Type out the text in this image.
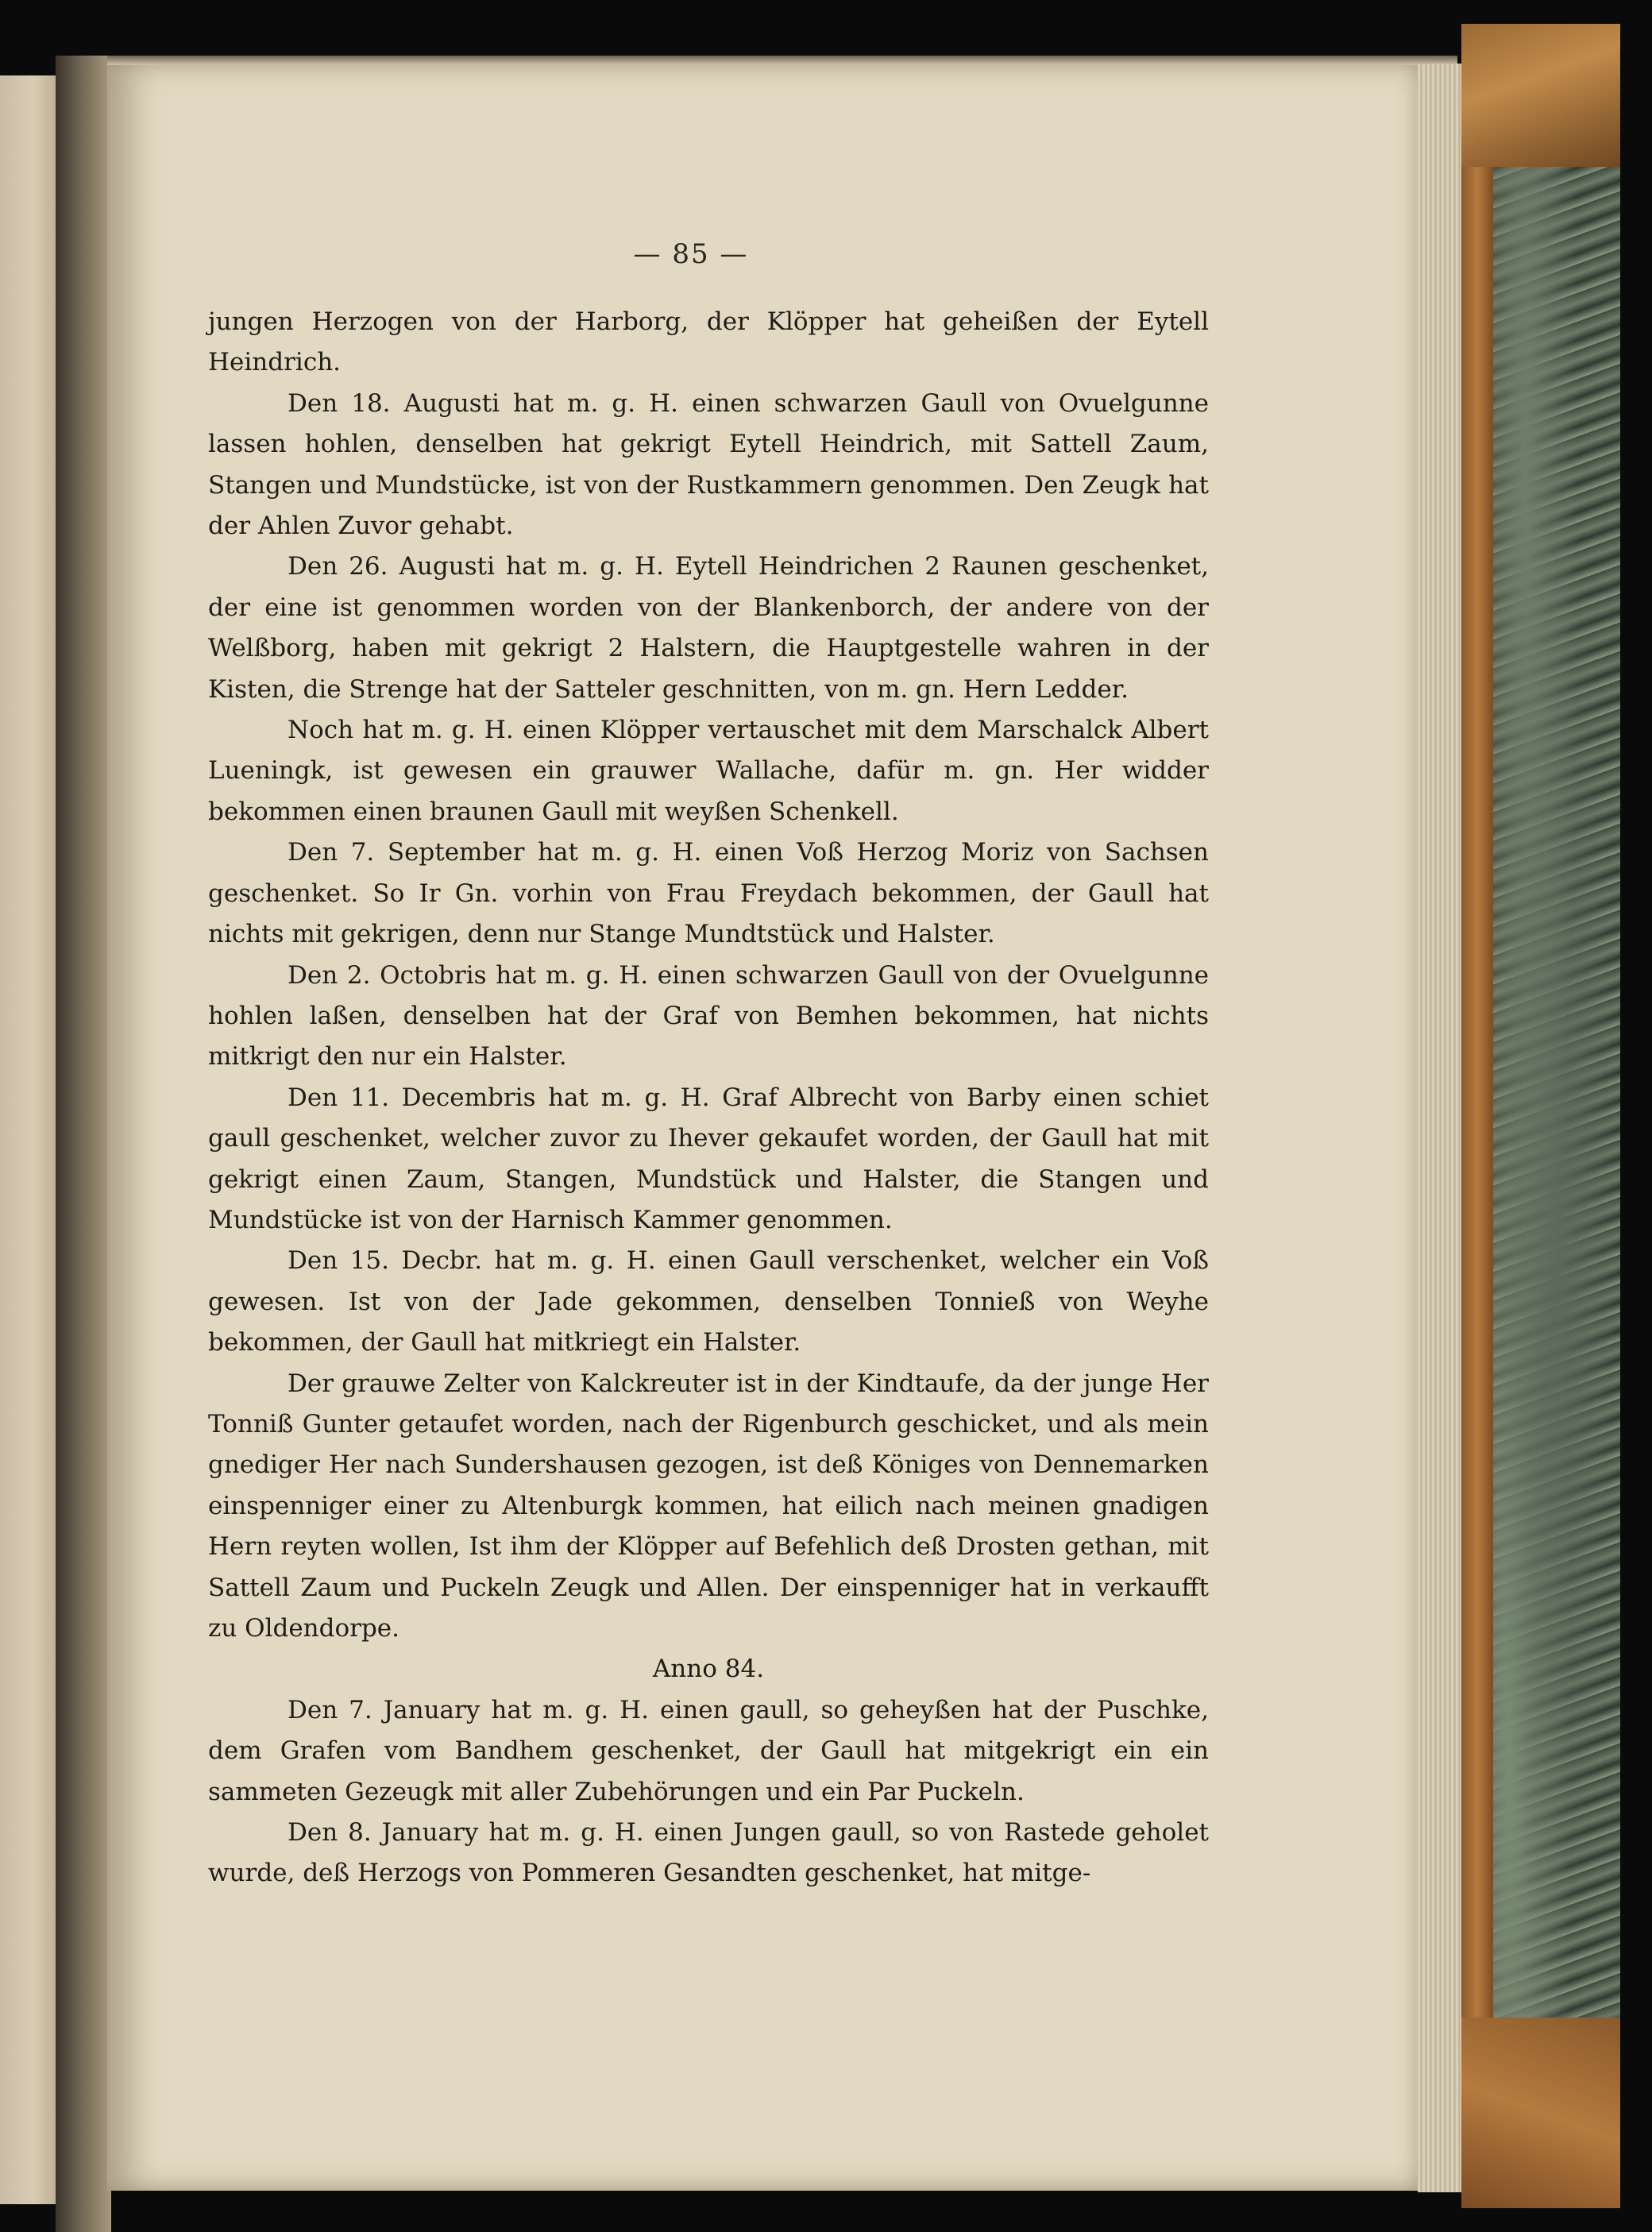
— 85 —

jungen Herzogen von der Harborg, der Klöpper hat geheißen der Eytell Heindrich.

Den 18. Augusti hat m. g. H. einen schwarzen Gaull von Ovuelgunne lassen hohlen, denselben hat gekrigt Eytell Heindrich, mit Sattell Zaum, Stangen und Mundstücke, ist von der Rustkammern genommen. Den Zeugk hat der Ahlen Zuvor gehabt.

Den 26. Augusti hat m. g. H. Eytell Heindrichen 2 Raunen geschenket, der eine ist genommen worden von der Blankenborch, der andere von der Welßborg, haben mit gekrigt 2 Halstern, die Hauptgestelle wahren in der Kisten, die Strenge hat der Satteler geschnitten, von m. gn. Hern Ledder.

Noch hat m. g. H. einen Klöpper vertauschet mit dem Marschalck Albert Lueningk, ist gewesen ein grauwer Wallache, dafür m. gn. Her widder bekommen einen braunen Gaull mit weyßen Schenkell.

Den 7. September hat m. g. H. einen Voß Herzog Moriz von Sachsen geschenket. So Ir Gn. vorhin von Frau Freydach bekommen, der Gaull hat nichts mit gekrigen, denn nur Stange Mundtstück und Halster.

Den 2. Octobris hat m. g. H. einen schwarzen Gaull von der Ovuelgunne hohlen laßen, denselben hat der Graf von Bemhen bekommen, hat nichts mitkrigt den nur ein Halster.

Den 11. Decembris hat m. g. H. Graf Albrecht von Barby einen schiet gaull geschenket, welcher zuvor zu Ihever gekaufet worden, der Gaull hat mit gekrigt einen Zaum, Stangen, Mundstück und Halster, die Stangen und Mundstücke ist von der Harnisch Kammer genommen.

Den 15. Decbr. hat m. g. H. einen Gaull verschenket, welcher ein Voß gewesen. Ist von der Jade gekommen, denselben Tonnieß von Weyhe bekommen, der Gaull hat mitkriegt ein Halster.

Der grauwe Zelter von Kalckreuter ist in der Kindtaufe, da der junge Her Tonniß Gunter getaufet worden, nach der Rigenburch geschicket, und als mein gnediger Her nach Sundershausen gezogen, ist deß Königes von Dennemarken einspenniger einer zu Altenburgk kommen, hat eilich nach meinen gnadigen Hern reyten wollen, Ist ihm der Klöpper auf Befehlich deß Drosten gethan, mit Sattell Zaum und Puckeln Zeugk und Allen. Der einspenniger hat in verkaufft zu Oldendorpe.

Anno 84.

Den 7. January hat m. g. H. einen gaull, so geheyßen hat der Puschke, dem Grafen vom Bandhem geschenket, der Gaull hat mitgekrigt ein ein sammeten Gezeugk mit aller Zubehörungen und ein Par Puckeln.

Den 8. January hat m. g. H. einen Jungen gaull, so von Rastede geholet wurde, deß Herzogs von Pommeren Gesandten geschenket, hat mitge-
